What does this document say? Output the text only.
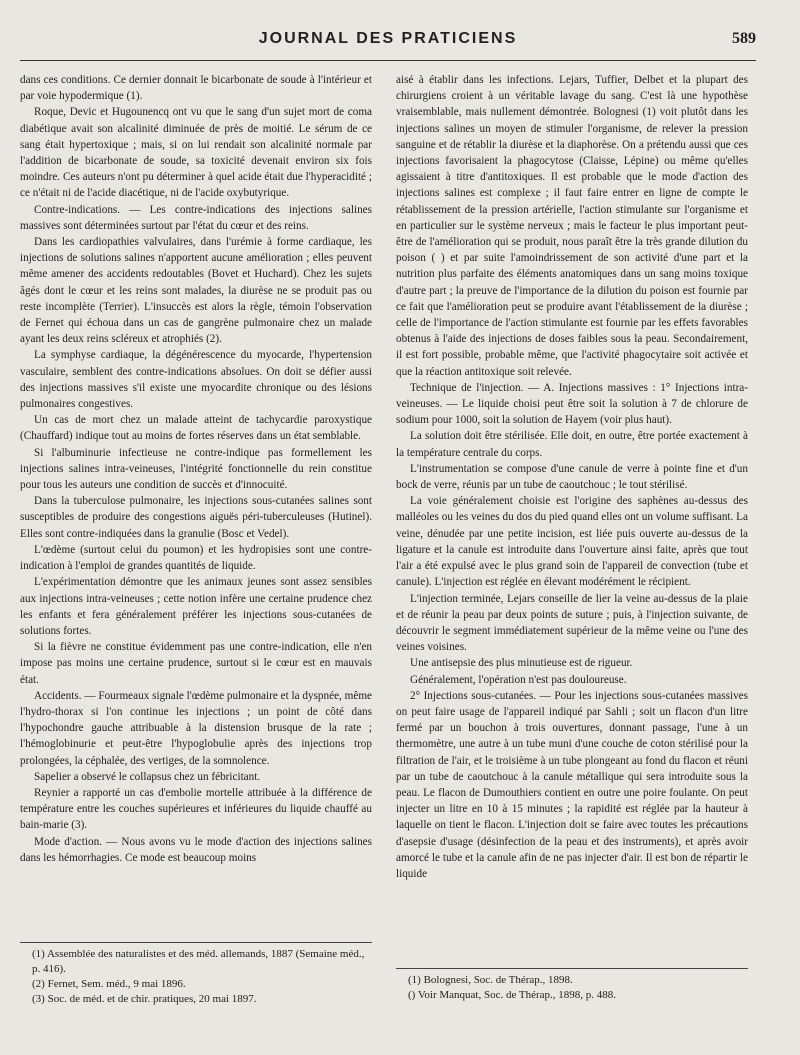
JOURNAL DES PRATICIENS	589

dans ces conditions. Ce dernier donnait le bicarbonate de soude à l'intérieur et par voie hypodermique (1).

Roque, Devic et Hugounencq ont vu que le sang d'un sujet mort de coma diabétique avait son alcalinité diminuée de près de moitié. Le sérum de ce sang était hypertoxique ; mais, si on lui rendait son alcalinité normale par l'addition de bicarbonate de soude, sa toxicité devenait environ six fois moindre. Ces auteurs n'ont pu déterminer à quel acide était due l'hyperacidité ; ce n'était ni de l'acide diacétique, ni de l'acide oxybutyrique.

Contre-indications. — Les contre-indications des injections salines massives sont déterminées surtout par l'état du cœur et des reins.

Dans les cardiopathies valvulaires, dans l'urémie à forme cardiaque, les injections de solutions salines n'apportent aucune amélioration ; elles peuvent même amener des accidents redoutables (Bovet et Huchard). Chez les sujets âgés dont le cœur et les reins sont malades, la diurèse ne se produit pas ou reste incomplète (Terrier). L'insuccès est alors la règle, témoin l'observation de Fernet qui échoua dans un cas de gangrène pulmonaire chez un malade ayant les deux reins scléreux et atrophiés (2).

La symphyse cardiaque, la dégénérescence du myocarde, l'hypertension vasculaire, semblent des contre-indications absolues. On doit se défier aussi des injections massives s'il existe une myocardite chronique ou des lésions pulmonaires congestives.

Un cas de mort chez un malade atteint de tachycardie paroxystique (Chauffard) indique tout au moins de fortes réserves dans un état semblable.

Si l'albuminurie infectieuse ne contre-indique pas formellement les injections salines intra-veineuses, l'intégrité fonctionnelle du rein constitue pour tous les auteurs une condition de succès et d'innocuité.

Dans la tuberculose pulmonaire, les injections sous-cutanées salines sont susceptibles de produire des congestions aiguës péri-tuberculeuses (Hutinel). Elles sont contre-indiquées dans la granulie (Bosc et Vedel).

L'œdème (surtout celui du poumon) et les hydropisies sont une contre-indication à l'emploi de grandes quantités de liquide.

L'expérimentation démontre que les animaux jeunes sont assez sensibles aux injections intra-veineuses ; cette notion infère une certaine prudence chez les enfants et fera généralement préférer les injections sous-cutanées de solutions fortes.

Si la fièvre ne constitue évidemment pas une contre-indication, elle n'en impose pas moins une certaine prudence, surtout si le cœur est en mauvais état.

Accidents. — Fourmeaux signale l'œdème pulmonaire et la dyspnée, même l'hydro-thorax si l'on continue les injections ; un point de côté dans l'hypochondre gauche attribuable à la distension brusque de la rate ; l'hémoglobinurie et peut-être l'hypoglobulie après des injections trop prolongées, la céphalée, des vertiges, de la somnolence.

Sapelier a observé le collapsus chez un fébricitant.

Reynier a rapporté un cas d'embolie mortelle attribuée à la différence de température entre les couches supérieures et inférieures du liquide chauffé au bain-marie (3).

Mode d'action. — Nous avons vu le mode d'action des injections salines dans les hémorrhagies. Ce mode est beaucoup moins

aisé à établir dans les infections. Lejars, Tuffier, Delbet et la plupart des chirurgiens croient à un véritable lavage du sang. C'est là une hypothèse vraisemblable, mais nullement démontrée. Bolognesi (1) voit plutôt dans les injections salines un moyen de stimuler l'organisme, de relever la pression sanguine et de rétablir la diurèse et la diaphorèse. On a prétendu aussi que ces injections favorisaient la phagocytose (Claisse, Lépine) ou même qu'elles agissaient à titre d'antitoxiques. Il est probable que le mode d'action des injections salines est complexe ; il faut faire entrer en ligne de compte le rétablissement de la pression artérielle, l'action stimulante sur l'organisme et en particulier sur le système nerveux ; mais le facteur le plus important peut-être de l'amélioration qui se produit, nous paraît être la très grande dilution du poison ( ) et par suite l'amoindrissement de son activité d'une part et la nutrition plus parfaite des éléments anatomiques dans un sang moins toxique d'autre part ; la preuve de l'importance de la dilution du poison est fournie par ce fait que l'amélioration peut se produire avant l'établissement de la diurèse ; celle de l'importance de l'action stimulante est fournie par les effets favorables obtenus à l'aide des injections de doses faibles sous la peau. Secondairement, il est fort possible, probable même, que l'activité phagocytaire soit activée et que la réaction antitoxique soit relevée.

Technique de l'injection. — A. Injections massives : 1° Injections intra-veineuses. — Le liquide choisi peut être soit la solution à 7 de chlorure de sodium pour 1000, soit la solution de Hayem (voir plus haut).

La solution doit être stérilisée. Elle doit, en outre, être portée exactement à la température centrale du corps.

L'instrumentation se compose d'une canule de verre à pointe fine et d'un bock de verre, réunis par un tube de caoutchouc ; le tout stérilisé.

La voie généralement choisie est l'origine des saphènes au-dessus des malléoles ou les veines du dos du pied quand elles ont un volume suffisant. La veine, dénudée par une petite incision, est liée puis ouverte au-dessus de la ligature et la canule est introduite dans l'ouverture ainsi faite, après que tout l'air a été expulsé avec le plus grand soin de l'appareil de convection (tube et canule). L'injection est réglée en élevant modérément le récipient.

L'injection terminée, Lejars conseille de lier la veine au-dessus de la plaie et de réunir la peau par deux points de suture ; puis, à l'injection suivante, de découvrir le segment immédiatement supérieur de la même veine ou l'une des veines voisines.

Une antisepsie des plus minutieuse est de rigueur.

Généralement, l'opération n'est pas douloureuse.

2° Injections sous-cutanées. — Pour les injections sous-cutanées massives on peut faire usage de l'appareil indiqué par Sahli ; soit un flacon d'un litre fermé par un bouchon à trois ouvertures, donnant passage, l'une à un thermomètre, une autre à un tube muni d'une couche de coton stérilisé pour la filtration de l'air, et le troisième à un tube plongeant au fond du flacon et réuni par un tube de caoutchouc à la canule métallique qui sera introduite sous la peau. Le flacon de Dumouthiers contient en outre une poire foulante. On peut injecter un litre en 10 à 15 minutes ; la rapidité est réglée par la hauteur à laquelle on tient le flacon. L'injection doit se faire avec toutes les précautions d'asepsie d'usage (désinfection de la peau et des instruments), et après avoir amorcé le tube et la canule afin de ne pas injecter d'air. Il est bon de répartir le liquide

(1) Assemblée des naturalistes et des méd. allemands, 1887 (Semaine méd., p. 416).
(2) Fernet, Sem. méd., 9 mai 1896.
(3) Soc. de méd. et de chir. pratiques, 20 mai 1897.
(1) Bolognesi, Soc. de Thérap., 1898.
() Voir Manquat, Soc. de Thérap., 1898, p. 488.
